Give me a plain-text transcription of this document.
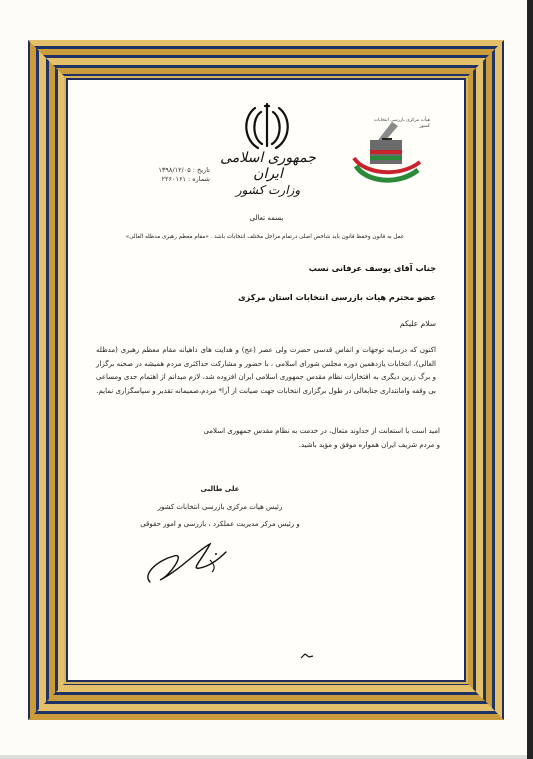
هیأت مرکزی بازرسی انتخابات کشور
تاریخ : ۱۳۹۸/۱۲/۰۵
شماره : ۲۲۶۰۱۶۱
جمهوری اسلامی ایران
وزارت کشور
بسمه تعالی
عمل به قانون وحفظ قانون باید شاخص اصلی درتمام مراحل مختلف انتخابات باشد . «مقام معظم رهبری مدظله العالی»
جناب آقای یوسف عرفانی نسب
عضو محترم هیات بازرسی انتخابات استان مرکزی
سلام علیکم

اکنون که درسایه توجهات و انفاس قدسی حضرت ولی عصر (عج) و هدایت های داهیانه مقام معظم رهبری (مدظله العالی)، انتخابات یازدهمین دوره مجلس شورای اسلامی ، با حضور و مشارکت حداکثری مردم همیشه در صحنه برگزار و برگ زرین دیگری به افتخارات نظام مقدس جمهوری اسلامی ایران افزوده شد، لازم میدانم از اهتمام جدی ومساعی بی وقفه وامانتداری جنابعالی در طول برگزاری انتخابات جهت صیانت از آرا* مردم،صمیمانه تقدیر و سپاسگزاری نمایم.

امید است با استعانت از خداوند متعال، در خدمت به نظام مقدس جمهوری اسلامی و مردم شریف ایران همواره موفق و مؤید باشید.
علی طالبی
رئیس هیات مرکزی بازرسی انتخابات کشور
و رئیس مرکز مدیریت عملکرد ، بازرسی و امور حقوقی
